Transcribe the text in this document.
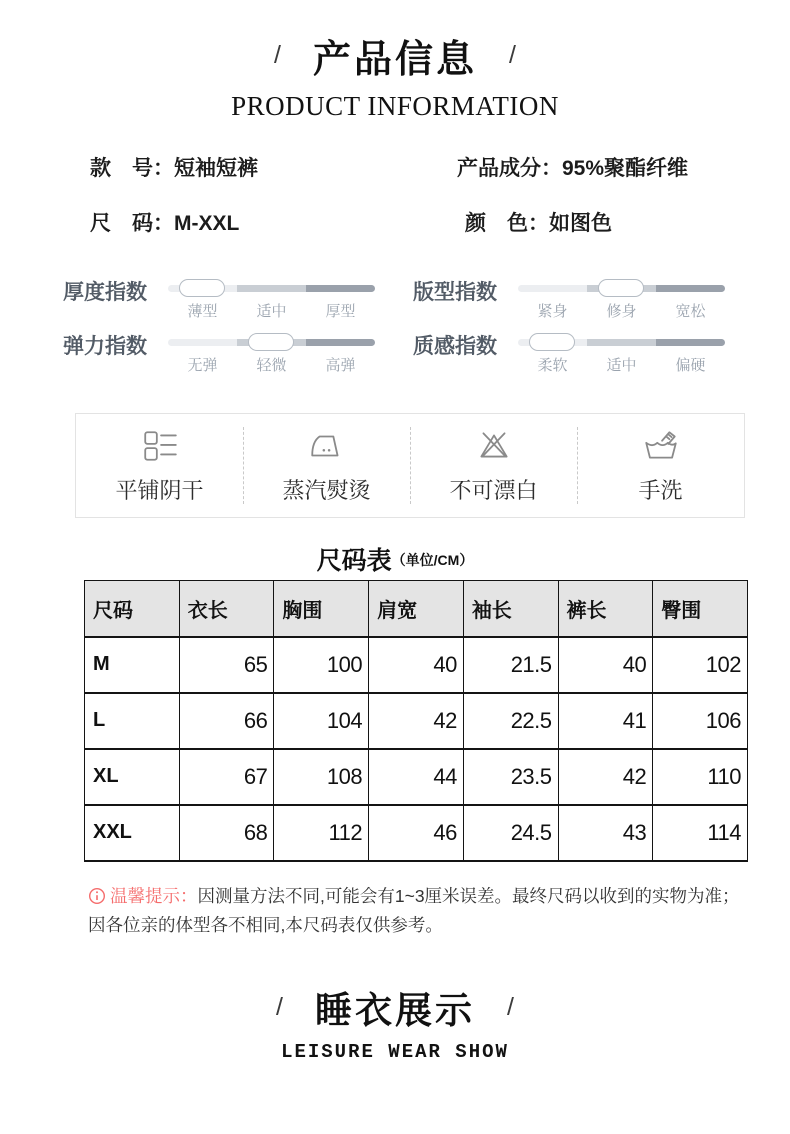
/ 产品信息 /
PRODUCT INFORMATION
款　号：短袖短裤	产品成分：95%聚酯纤维
尺　码：M-XXL	颜　色：如图色
厚度指数
薄型	适中	厚型
版型指数
紧身	修身	宽松
弹力指数
无弹	轻微	高弹
质感指数
柔软	适中	偏硬
平铺阴干	蒸汽熨烫	不可漂白	手洗
尺码表（单位/CM）
尺码	衣长	胸围	肩宽	袖长	裤长	臀围
M	65	100	40	21.5	40	102
L	66	104	42	22.5	41	106
XL	67	108	44	23.5	42	110
XXL	68	112	46	24.5	43	114
温馨提示：因测量方法不同,可能会有1~3厘米误差。最终尺码以收到的实物为准；因各位亲的体型各不相同,本尺码表仅供参考。
/ 睡衣展示 /
LEISURE WEAR SHOW
